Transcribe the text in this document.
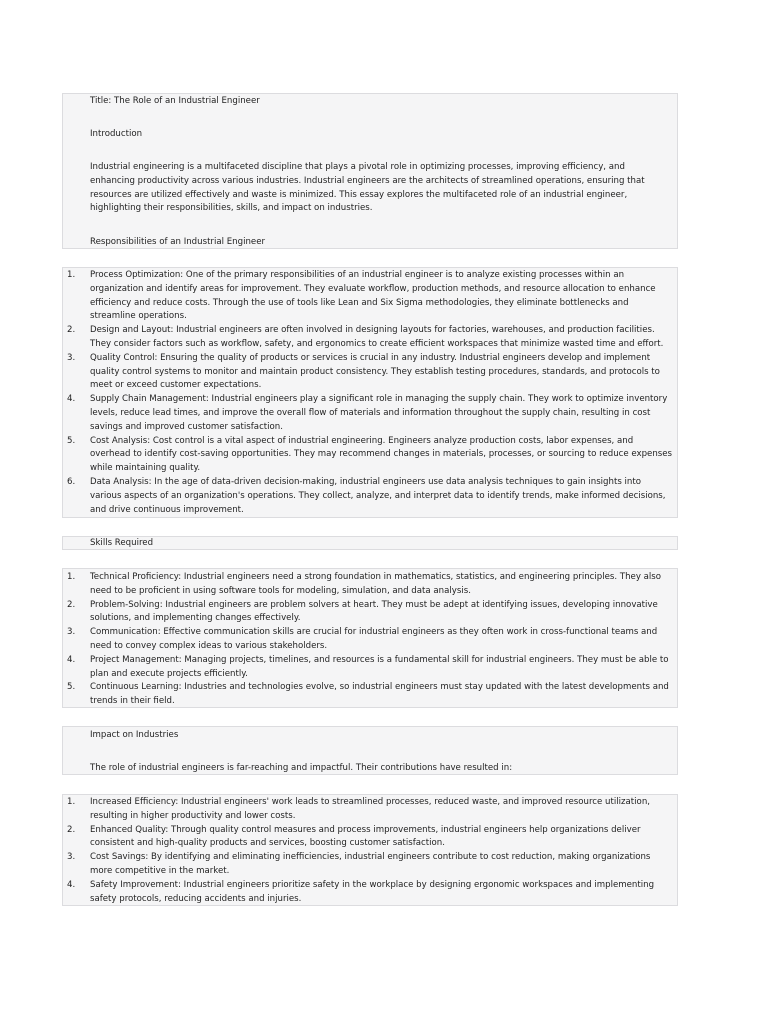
Title: The Role of an Industrial Engineer

Introduction

Industrial engineering is a multifaceted discipline that plays a pivotal role in optimizing processes, improving efficiency, and enhancing productivity across various industries. Industrial engineers are the architects of streamlined operations, ensuring that resources are utilized effectively and waste is minimized. This essay explores the multifaceted role of an industrial engineer, highlighting their responsibilities, skills, and impact on industries.

Responsibilities of an Industrial Engineer

1. Process Optimization: One of the primary responsibilities of an industrial engineer is to analyze existing processes within an organization and identify areas for improvement. They evaluate workflow, production methods, and resource allocation to enhance efficiency and reduce costs. Through the use of tools like Lean and Six Sigma methodologies, they eliminate bottlenecks and streamline operations.
2. Design and Layout: Industrial engineers are often involved in designing layouts for factories, warehouses, and production facilities. They consider factors such as workflow, safety, and ergonomics to create efficient workspaces that minimize wasted time and effort.
3. Quality Control: Ensuring the quality of products or services is crucial in any industry. Industrial engineers develop and implement quality control systems to monitor and maintain product consistency. They establish testing procedures, standards, and protocols to meet or exceed customer expectations.
4. Supply Chain Management: Industrial engineers play a significant role in managing the supply chain. They work to optimize inventory levels, reduce lead times, and improve the overall flow of materials and information throughout the supply chain, resulting in cost savings and improved customer satisfaction.
5. Cost Analysis: Cost control is a vital aspect of industrial engineering. Engineers analyze production costs, labor expenses, and overhead to identify cost-saving opportunities. They may recommend changes in materials, processes, or sourcing to reduce expenses while maintaining quality.
6. Data Analysis: In the age of data-driven decision-making, industrial engineers use data analysis techniques to gain insights into various aspects of an organization's operations. They collect, analyze, and interpret data to identify trends, make informed decisions, and drive continuous improvement.

Skills Required

1. Technical Proficiency: Industrial engineers need a strong foundation in mathematics, statistics, and engineering principles. They also need to be proficient in using software tools for modeling, simulation, and data analysis.
2. Problem-Solving: Industrial engineers are problem solvers at heart. They must be adept at identifying issues, developing innovative solutions, and implementing changes effectively.
3. Communication: Effective communication skills are crucial for industrial engineers as they often work in cross-functional teams and need to convey complex ideas to various stakeholders.
4. Project Management: Managing projects, timelines, and resources is a fundamental skill for industrial engineers. They must be able to plan and execute projects efficiently.
5. Continuous Learning: Industries and technologies evolve, so industrial engineers must stay updated with the latest developments and trends in their field.

Impact on Industries

The role of industrial engineers is far-reaching and impactful. Their contributions have resulted in:

1. Increased Efficiency: Industrial engineers' work leads to streamlined processes, reduced waste, and improved resource utilization, resulting in higher productivity and lower costs.
2. Enhanced Quality: Through quality control measures and process improvements, industrial engineers help organizations deliver consistent and high-quality products and services, boosting customer satisfaction.
3. Cost Savings: By identifying and eliminating inefficiencies, industrial engineers contribute to cost reduction, making organizations more competitive in the market.
4. Safety Improvement: Industrial engineers prioritize safety in the workplace by designing ergonomic workspaces and implementing safety protocols, reducing accidents and injuries.
